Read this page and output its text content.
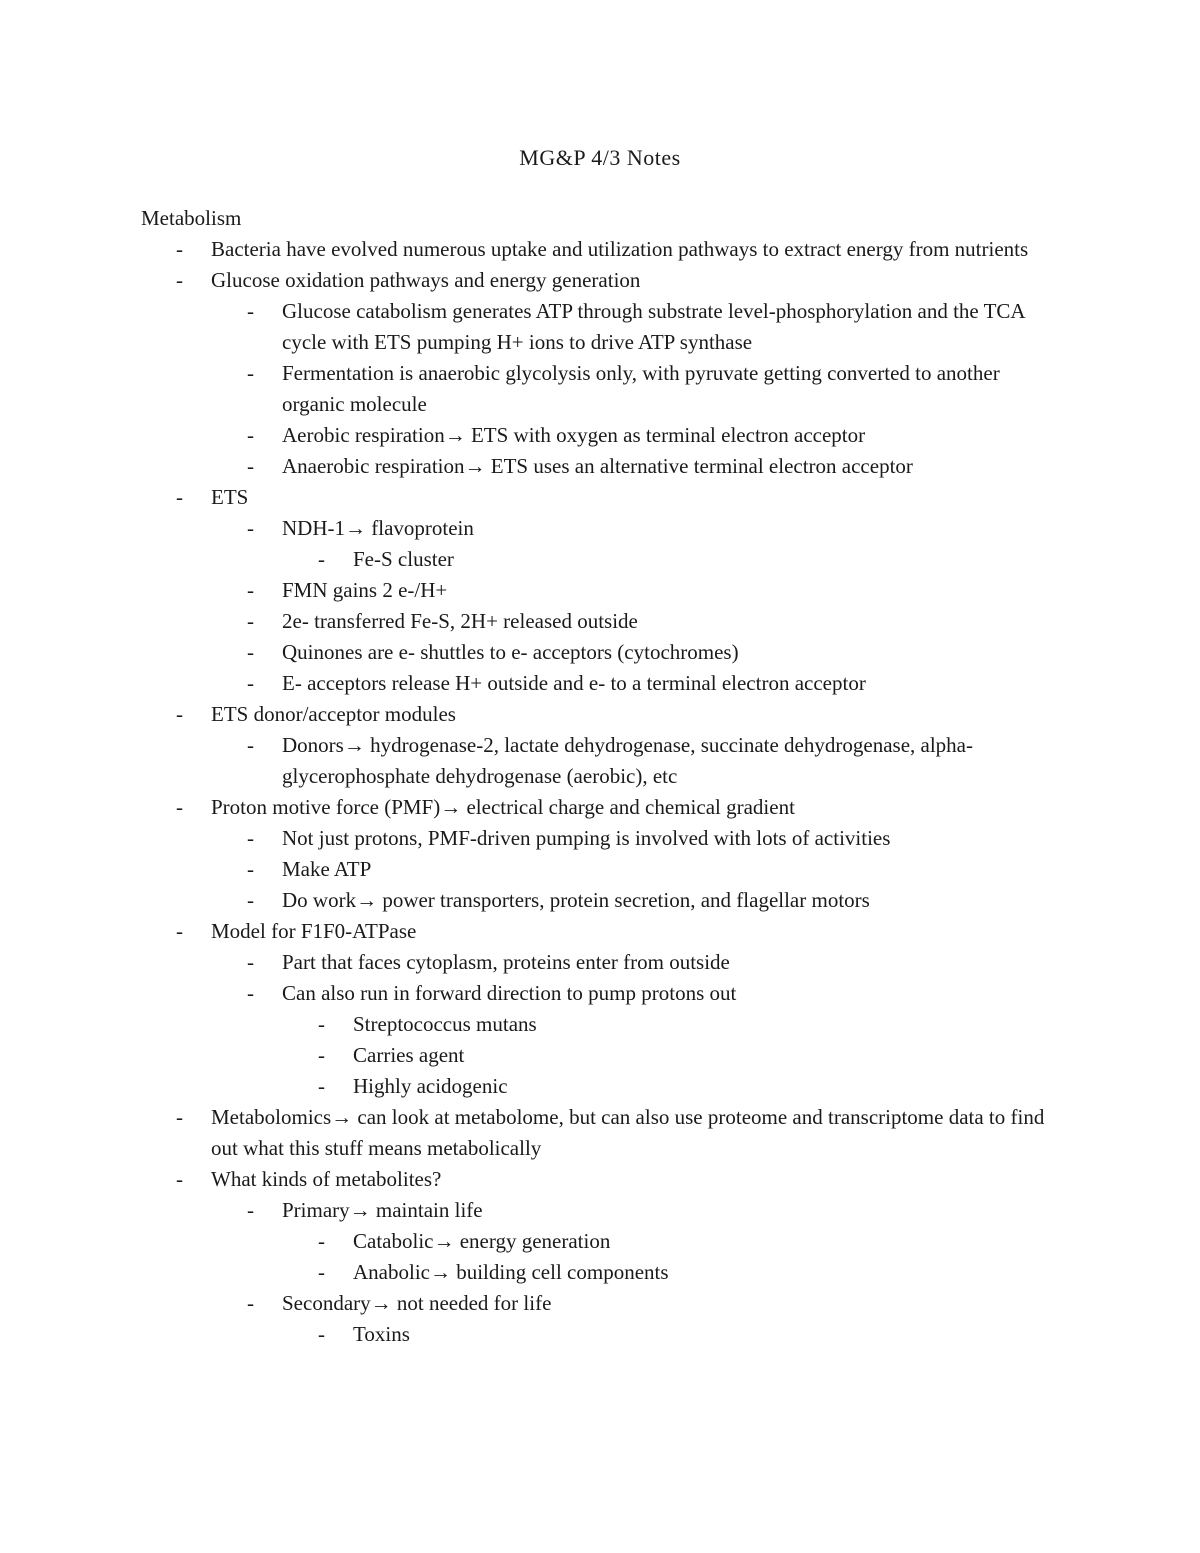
MG&P 4/3 Notes
Metabolism
- Bacteria have evolved numerous uptake and utilization pathways to extract energy from nutrients
- Glucose oxidation pathways and energy generation
- Glucose catabolism generates ATP through substrate level-phosphorylation and the TCA cycle with ETS pumping H+ ions to drive ATP synthase
- Fermentation is anaerobic glycolysis only, with pyruvate getting converted to another organic molecule
- Aerobic respiration→ ETS with oxygen as terminal electron acceptor
- Anaerobic respiration→ ETS uses an alternative terminal electron acceptor
- ETS
- NDH-1→ flavoprotein
- Fe-S cluster
- FMN gains 2 e-/H+
- 2e- transferred Fe-S, 2H+ released outside
- Quinones are e- shuttles to e- acceptors (cytochromes)
- E- acceptors release H+ outside and e- to a terminal electron acceptor
- ETS donor/acceptor modules
- Donors→ hydrogenase-2, lactate dehydrogenase, succinate dehydrogenase, alpha-glycerophosphate dehydrogenase (aerobic), etc
- Proton motive force (PMF)→ electrical charge and chemical gradient
- Not just protons, PMF-driven pumping is involved with lots of activities
- Make ATP
- Do work→ power transporters, protein secretion, and flagellar motors
- Model for F1F0-ATPase
- Part that faces cytoplasm, proteins enter from outside
- Can also run in forward direction to pump protons out
- Streptococcus mutans
- Carries agent
- Highly acidogenic
- Metabolomics→ can look at metabolome, but can also use proteome and transcriptome data to find out what this stuff means metabolically
- What kinds of metabolites?
- Primary→ maintain life
- Catabolic→ energy generation
- Anabolic→ building cell components
- Secondary→ not needed for life
- Toxins
